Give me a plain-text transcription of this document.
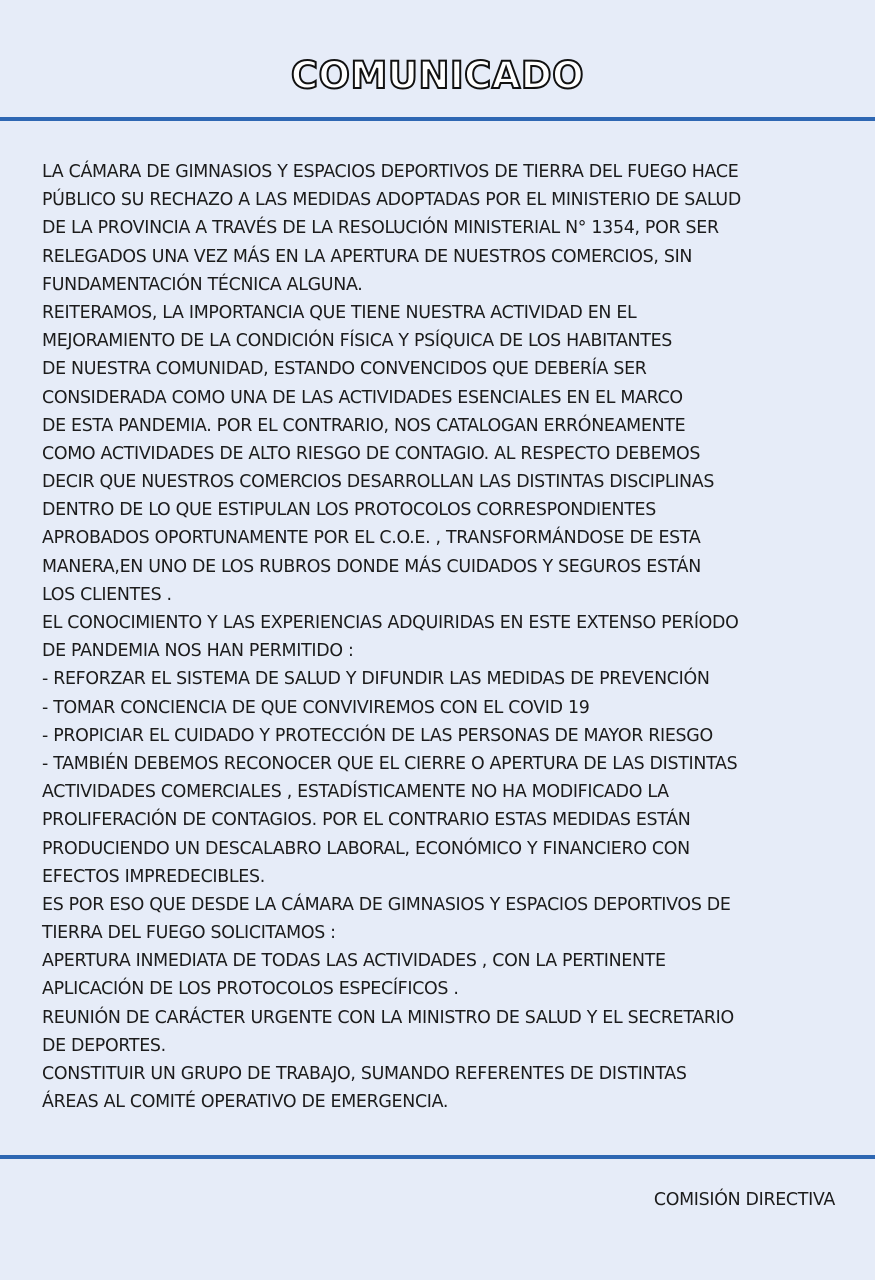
COMUNICADO
LA CÁMARA DE GIMNASIOS Y ESPACIOS DEPORTIVOS DE TIERRA DEL FUEGO HACE
PÚBLICO SU RECHAZO A LAS MEDIDAS ADOPTADAS POR EL MINISTERIO DE SALUD
DE LA PROVINCIA A TRAVÉS DE LA RESOLUCIÓN MINISTERIAL N° 1354, POR SER
RELEGADOS UNA VEZ MÁS EN LA APERTURA DE NUESTROS COMERCIOS, SIN
FUNDAMENTACIÓN TÉCNICA ALGUNA.
REITERAMOS, LA IMPORTANCIA QUE TIENE NUESTRA ACTIVIDAD EN EL
MEJORAMIENTO DE LA CONDICIÓN FÍSICA Y PSÍQUICA DE LOS HABITANTES
DE NUESTRA COMUNIDAD, ESTANDO CONVENCIDOS QUE DEBERÍA SER
CONSIDERADA COMO UNA DE LAS ACTIVIDADES ESENCIALES EN EL MARCO
DE ESTA PANDEMIA. POR EL CONTRARIO, NOS CATALOGAN ERRÓNEAMENTE
COMO ACTIVIDADES DE ALTO RIESGO DE CONTAGIO. AL RESPECTO DEBEMOS
DECIR QUE NUESTROS COMERCIOS DESARROLLAN LAS DISTINTAS DISCIPLINAS
DENTRO DE LO QUE ESTIPULAN LOS PROTOCOLOS CORRESPONDIENTES
APROBADOS OPORTUNAMENTE POR EL C.O.E. , TRANSFORMÁNDOSE DE ESTA
MANERA,EN UNO DE LOS RUBROS DONDE MÁS CUIDADOS Y SEGUROS ESTÁN
LOS CLIENTES .
EL CONOCIMIENTO Y LAS EXPERIENCIAS ADQUIRIDAS EN ESTE EXTENSO PERÍODO
DE PANDEMIA NOS HAN PERMITIDO :
- REFORZAR EL SISTEMA DE SALUD Y DIFUNDIR LAS MEDIDAS DE PREVENCIÓN
- TOMAR CONCIENCIA DE QUE CONVIVIREMOS CON EL COVID 19
- PROPICIAR EL CUIDADO Y PROTECCIÓN DE LAS PERSONAS DE MAYOR RIESGO
- TAMBIÉN DEBEMOS RECONOCER QUE EL CIERRE O APERTURA DE LAS DISTINTAS
ACTIVIDADES COMERCIALES , ESTADÍSTICAMENTE NO HA MODIFICADO LA
PROLIFERACIÓN DE CONTAGIOS. POR EL CONTRARIO ESTAS MEDIDAS ESTÁN
PRODUCIENDO UN DESCALABRO LABORAL, ECONÓMICO Y FINANCIERO CON
EFECTOS IMPREDECIBLES.
ES POR ESO QUE DESDE LA CÁMARA DE GIMNASIOS Y ESPACIOS DEPORTIVOS DE
TIERRA DEL FUEGO SOLICITAMOS :
APERTURA INMEDIATA DE TODAS LAS ACTIVIDADES , CON LA PERTINENTE
APLICACIÓN DE LOS PROTOCOLOS ESPECÍFICOS .
REUNIÓN DE CARÁCTER URGENTE CON LA MINISTRO DE SALUD Y EL SECRETARIO
DE DEPORTES.
CONSTITUIR UN GRUPO DE TRABAJO, SUMANDO REFERENTES DE DISTINTAS
ÁREAS AL COMITÉ OPERATIVO DE EMERGENCIA.
COMISIÓN DIRECTIVA
